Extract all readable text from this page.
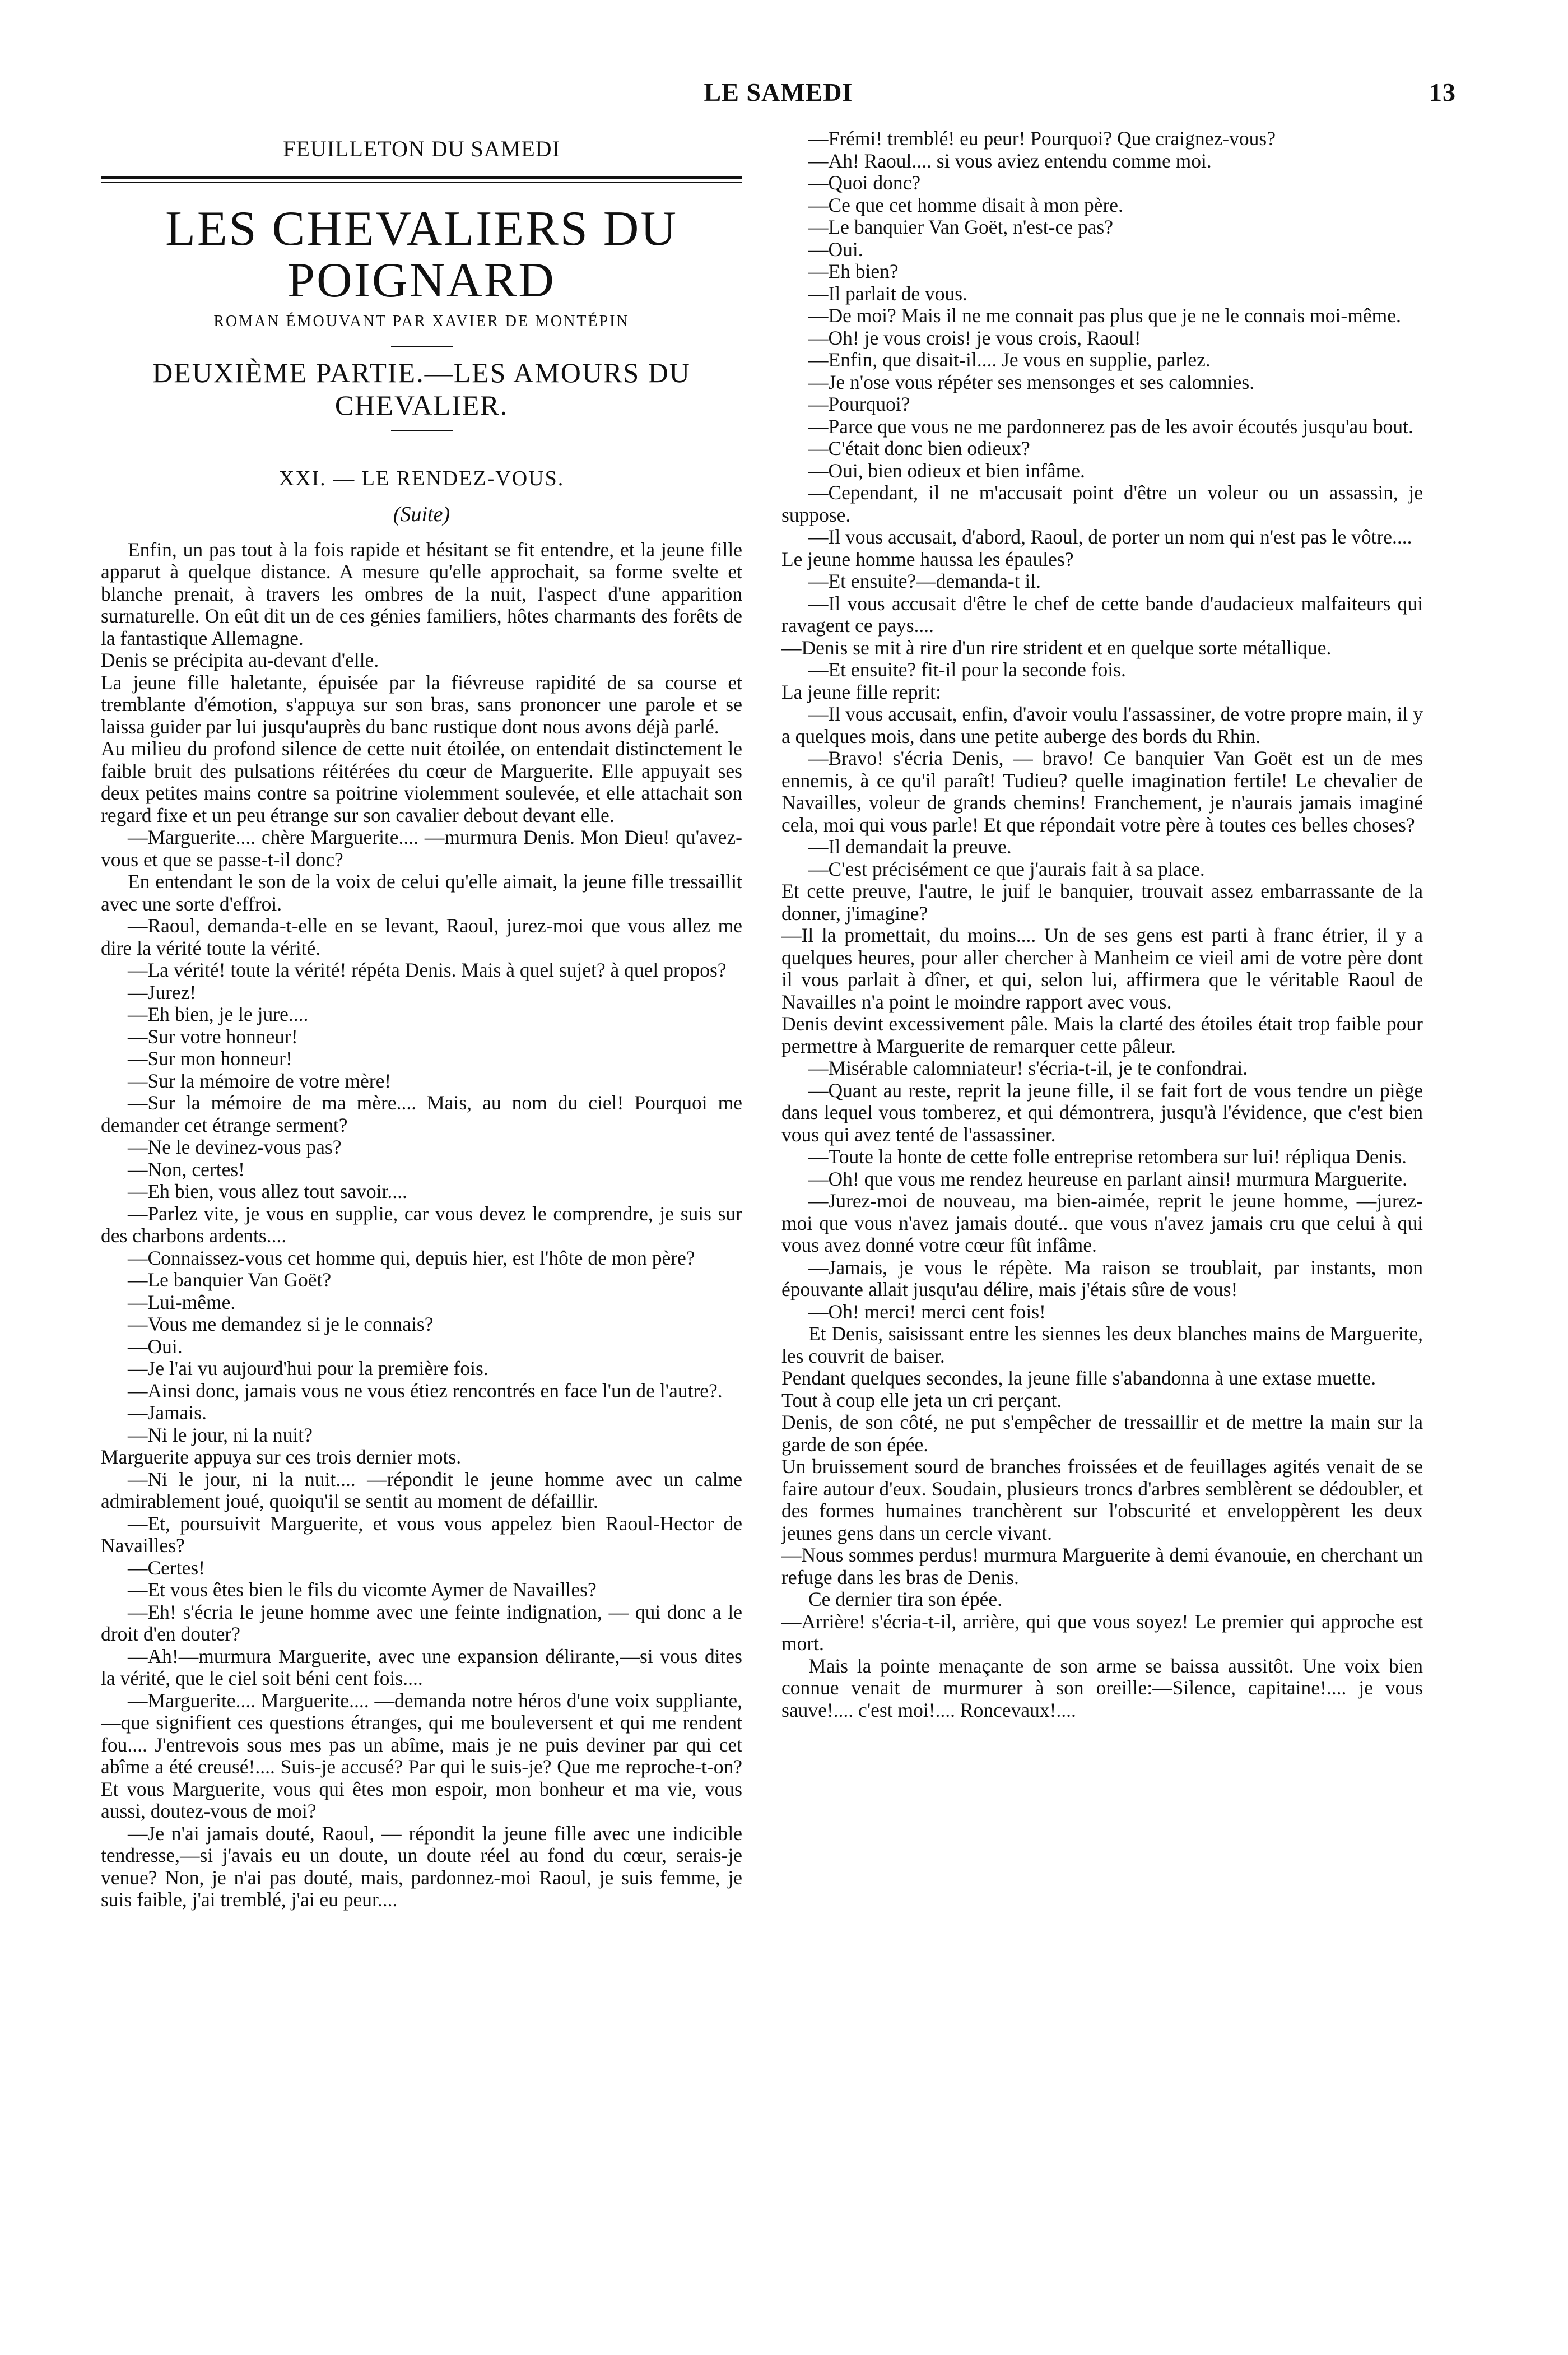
LE SAMEDI	13
FEUILLETON DU SAMEDI
LES CHEVALIERS DU POIGNARD
ROMAN ÉMOUVANT PAR XAVIER DE MONTÉPIN
DEUXIÈME PARTIE.—LES AMOURS DU CHEVALIER.
XXI. — LE RENDEZ-VOUS.
(Suite)

Enfin, un pas tout à la fois rapide et hésitant se fit entendre, et la jeune fille apparut à quelque distance. A mesure qu'elle approchait, sa forme svelte et blanche prenait, à travers les ombres de la nuit, l'aspect d'une apparition surnaturelle. On eût dit un de ces génies familiers, hôtes charmants des forêts de la fantastique Allemagne.

Denis se précipita au-devant d'elle.

La jeune fille haletante, épuisée par la fiévreuse rapidité de sa course et tremblante d'émotion, s'appuya sur son bras, sans prononcer une parole et se laissa guider par lui jusqu'auprès du banc rustique dont nous avons déjà parlé.

Au milieu du profond silence de cette nuit étoilée, on entendait distinctement le faible bruit des pulsations réitérées du cœur de Marguerite. Elle appuyait ses deux petites mains contre sa poitrine violemment soulevée, et elle attachait son regard fixe et un peu étrange sur son cavalier debout devant elle.

—Marguerite.... chère Marguerite.... —murmura Denis. Mon Dieu! qu'avez-vous et que se passe-t-il donc?

En entendant le son de la voix de celui qu'elle aimait, la jeune fille tressaillit avec une sorte d'effroi.

—Raoul, demanda-t-elle en se levant, Raoul, jurez-moi que vous allez me dire la vérité toute la vérité.

—La vérité! toute la vérité! répéta Denis. Mais à quel sujet? à quel propos?

—Jurez!

—Eh bien, je le jure....

—Sur votre honneur!

—Sur mon honneur!

—Sur la mémoire de votre mère!

—Sur la mémoire de ma mère.... Mais, au nom du ciel! Pourquoi me demander cet étrange serment?

—Ne le devinez-vous pas?

—Non, certes!

—Eh bien, vous allez tout savoir....

—Parlez vite, je vous en supplie, car vous devez le comprendre, je suis sur des charbons ardents....

—Connaissez-vous cet homme qui, depuis hier, est l'hôte de mon père?

—Le banquier Van Goët?

—Lui-même.

—Vous me demandez si je le connais?

—Oui.

—Je l'ai vu aujourd'hui pour la première fois.

—Ainsi donc, jamais vous ne vous étiez rencontrés en face l'un de l'autre?.

—Jamais.

—Ni le jour, ni la nuit?

Marguerite appuya sur ces trois dernier mots.

—Ni le jour, ni la nuit.... —répondit le jeune homme avec un calme admirablement joué, quoiqu'il se sentit au moment de défaillir.

—Et, poursuivit Marguerite, et vous vous appelez bien Raoul-Hector de Navailles?

—Certes!

—Et vous êtes bien le fils du vicomte Aymer de Navailles?

—Eh! s'écria le jeune homme avec une feinte indignation, — qui donc a le droit d'en douter?

—Ah!—murmura Marguerite, avec une expansion délirante,—si vous dites la vérité, que le ciel soit béni cent fois....

—Marguerite.... Marguerite.... —demanda notre héros d'une voix suppliante,—que signifient ces questions étranges, qui me bouleversent et qui me rendent fou.... J'entrevois sous mes pas un abîme, mais je ne puis deviner par qui cet abîme a été creusé!.... Suis-je accusé? Par qui le suis-je? Que me reproche-t-on? Et vous Marguerite, vous qui êtes mon espoir, mon bonheur et ma vie, vous aussi, doutez-vous de moi?

—Je n'ai jamais douté, Raoul, — répondit la jeune fille avec une indicible tendresse,—si j'avais eu un doute, un doute réel au fond du cœur, serais-je venue? Non, je n'ai pas douté, mais, pardonnez-moi Raoul, je suis femme, je suis faible, j'ai tremblé, j'ai eu peur....

—Frémi! tremblé! eu peur! Pourquoi? Que craignez-vous?

—Ah! Raoul.... si vous aviez entendu comme moi.

—Quoi donc?

—Ce que cet homme disait à mon père.

—Le banquier Van Goët, n'est-ce pas?

—Oui.

—Eh bien?

—Il parlait de vous.

—De moi? Mais il ne me connait pas plus que je ne le connais moi-même.

—Oh! je vous crois! je vous crois, Raoul!

—Enfin, que disait-il.... Je vous en supplie, parlez.

—Je n'ose vous répéter ses mensonges et ses calomnies.

—Pourquoi?

—Parce que vous ne me pardonnerez pas de les avoir écoutés jusqu'au bout.

—C'était donc bien odieux?

—Oui, bien odieux et bien infâme.

—Cependant, il ne m'accusait point d'être un voleur ou un assassin, je suppose.

—Il vous accusait, d'abord, Raoul, de porter un nom qui n'est pas le vôtre....

Le jeune homme haussa les épaules?

—Et ensuite?—demanda-t il.

—Il vous accusait d'être le chef de cette bande d'audacieux malfaiteurs qui ravagent ce pays....

—Denis se mit à rire d'un rire strident et en quelque sorte métallique.

—Et ensuite? fit-il pour la seconde fois.

La jeune fille reprit:

—Il vous accusait, enfin, d'avoir voulu l'assassiner, de votre propre main, il y a quelques mois, dans une petite auberge des bords du Rhin.

—Bravo! s'écria Denis, — bravo! Ce banquier Van Goët est un de mes ennemis, à ce qu'il paraît! Tudieu? quelle imagination fertile! Le chevalier de Navailles, voleur de grands chemins! Franchement, je n'aurais jamais imaginé cela, moi qui vous parle! Et que répondait votre père à toutes ces belles choses?

—Il demandait la preuve.

—C'est précisément ce que j'aurais fait à sa place.

Et cette preuve, l'autre, le juif le banquier, trouvait assez embarrassante de la donner, j'imagine?

—Il la promettait, du moins.... Un de ses gens est parti à franc étrier, il y a quelques heures, pour aller chercher à Manheim ce vieil ami de votre père dont il vous parlait à dîner, et qui, selon lui, affirmera que le véritable Raoul de Navailles n'a point le moindre rapport avec vous.

Denis devint excessivement pâle. Mais la clarté des étoiles était trop faible pour permettre à Marguerite de remarquer cette pâleur.

—Misérable calomniateur! s'écria-t-il, je te confondrai.

—Quant au reste, reprit la jeune fille, il se fait fort de vous tendre un piège dans lequel vous tomberez, et qui démontrera, jusqu'à l'évidence, que c'est bien vous qui avez tenté de l'assassiner.

—Toute la honte de cette folle entreprise retombera sur lui! répliqua Denis.

—Oh! que vous me rendez heureuse en parlant ainsi! murmura Marguerite.

—Jurez-moi de nouveau, ma bien-aimée, reprit le jeune homme, —jurez-moi que vous n'avez jamais douté.. que vous n'avez jamais cru que celui à qui vous avez donné votre cœur fût infâme.

—Jamais, je vous le répète. Ma raison se troublait, par instants, mon épouvante allait jusqu'au délire, mais j'étais sûre de vous!

—Oh! merci! merci cent fois!

Et Denis, saisissant entre les siennes les deux blanches mains de Marguerite, les couvrit de baiser.

Pendant quelques secondes, la jeune fille s'abandonna à une extase muette.

Tout à coup elle jeta un cri perçant.

Denis, de son côté, ne put s'empêcher de tressaillir et de mettre la main sur la garde de son épée.

Un bruissement sourd de branches froissées et de feuillages agités venait de se faire autour d'eux. Soudain, plusieurs troncs d'arbres semblèrent se dédoubler, et des formes humaines tranchèrent sur l'obscurité et enveloppèrent les deux jeunes gens dans un cercle vivant.

—Nous sommes perdus! murmura Marguerite à demi évanouie, en cherchant un refuge dans les bras de Denis.

Ce dernier tira son épée.

—Arrière! s'écria-t-il, arrière, qui que vous soyez! Le premier qui approche est mort.

Mais la pointe menaçante de son arme se baissa aussitôt. Une voix bien connue venait de murmurer à son oreille:—Silence, capitaine!.... je vous sauve!.... c'est moi!.... Roncevaux!....
